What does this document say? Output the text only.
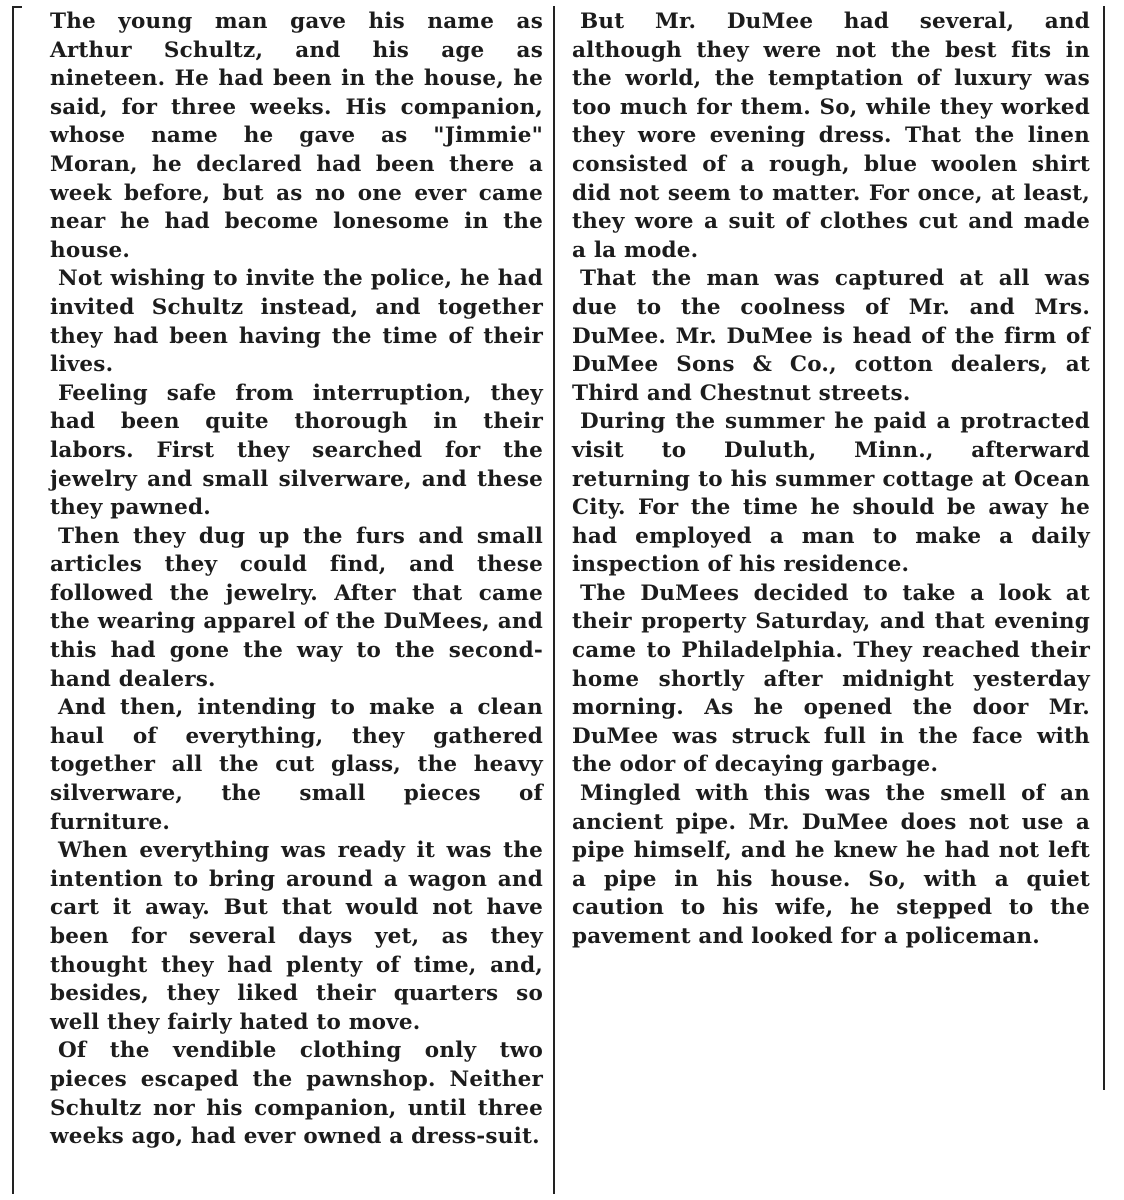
The young man gave his name as Arthur Schultz, and his age as nineteen. He had been in the house, he said, for three weeks. His companion, whose name he gave as "Jimmie" Moran, he declared had been there a week before, but as no one ever came near he had become lonesome in the house.

Not wishing to invite the police, he had invited Schultz instead, and together they had been having the time of their lives.

Feeling safe from interruption, they had been quite thorough in their labors. First they searched for the jewelry and small silverware, and these they pawned.

Then they dug up the furs and small articles they could find, and these followed the jewelry. After that came the wearing apparel of the DuMees, and this had gone the way to the second-hand dealers.

And then, intending to make a clean haul of everything, they gathered together all the cut glass, the heavy silverware, the small pieces of furniture.

When everything was ready it was the intention to bring around a wagon and cart it away. But that would not have been for several days yet, as they thought they had plenty of time, and, besides, they liked their quarters so well they fairly hated to move.

Of the vendible clothing only two pieces escaped the pawnshop. Neither Schultz nor his companion, until three weeks ago, had ever owned a dress-suit.

But Mr. DuMee had several, and although they were not the best fits in the world, the temptation of luxury was too much for them. So, while they worked they wore evening dress. That the linen consisted of a rough, blue woolen shirt did not seem to matter. For once, at least, they wore a suit of clothes cut and made a la mode.

That the man was captured at all was due to the coolness of Mr. and Mrs. DuMee. Mr. DuMee is head of the firm of DuMee Sons & Co., cotton dealers, at Third and Chestnut streets.

During the summer he paid a protracted visit to Duluth, Minn., afterward returning to his summer cottage at Ocean City. For the time he should be away he had employed a man to make a daily inspection of his residence.

The DuMees decided to take a look at their property Saturday, and that evening came to Philadelphia. They reached their home shortly after midnight yesterday morning. As he opened the door Mr. DuMee was struck full in the face with the odor of decaying garbage.

Mingled with this was the smell of an ancient pipe. Mr. DuMee does not use a pipe himself, and he knew he had not left a pipe in his house. So, with a quiet caution to his wife, he stepped to the pavement and looked for a policeman.
